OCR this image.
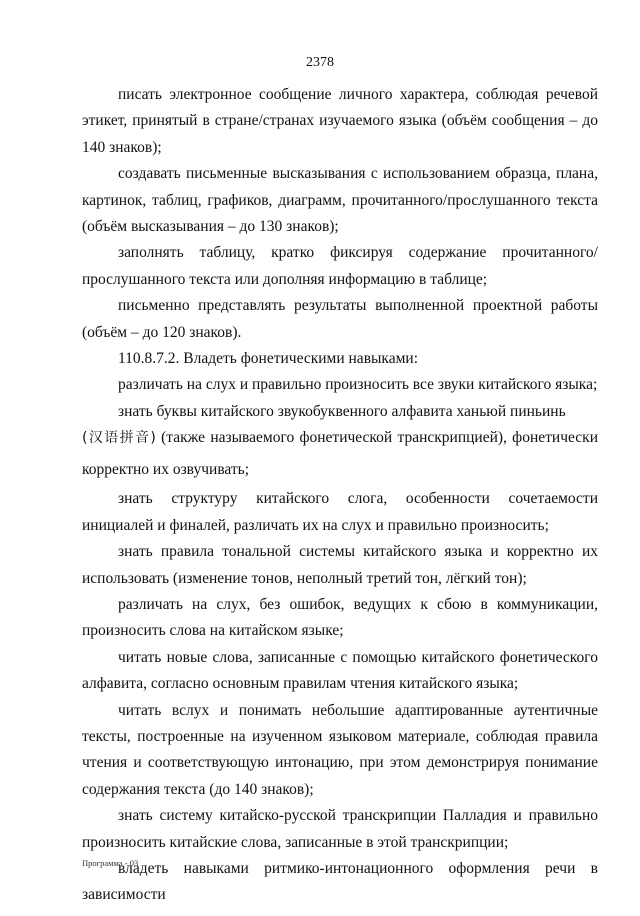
2378

писать электронное сообщение личного характера, соблюдая речевой этикет, принятый в стране/странах изучаемого языка (объём сообщения – до 140 знаков);

создавать письменные высказывания с использованием образца, плана, картинок, таблиц, графиков, диаграмм, прочитанного/прослушанного текста (объём высказывания – до 130 знаков);

заполнять таблицу, кратко фиксируя содержание прочитанного/ прослушанного текста или дополняя информацию в таблице;

письменно представлять результаты выполненной проектной работы (объём – до 120 знаков).

110.8.7.2. Владеть фонетическими навыками:

различать на слух и правильно произносить все звуки китайского языка;

знать буквы китайского звукобуквенного алфавита ханьюй пиньинь

(汉语拼音) (также называемого фонетической транскрипцией), фонетически корректно их озвучивать;

знать структуру китайского слога, особенности сочетаемости инициалей и финалей, различать их на слух и правильно произносить;

знать правила тональной системы китайского языка и корректно их использовать (изменение тонов, неполный третий тон, лёгкий тон);

различать на слух, без ошибок, ведущих к сбою в коммуникации, произносить слова на китайском языке;

читать новые слова, записанные с помощью китайского фонетического алфавита, согласно основным правилам чтения китайского языка;

читать вслух и понимать небольшие адаптированные аутентичные тексты, построенные на изученном языковом материале, соблюдая правила чтения и соответствующую интонацию, при этом демонстрируя понимание содержания текста (до 140 знаков);

знать систему китайско-русской транскрипции Палладия и правильно произносить китайские слова, записанные в этой транскрипции;

владеть навыками ритмико-интонационного оформления речи в зависимости

Программа - 03
